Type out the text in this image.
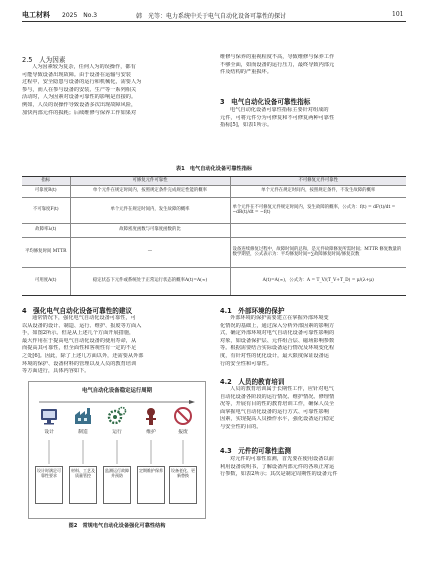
电工材料 2025　No.3	韩　光等：电力系统中关于电气自动化设备可靠性的探讨	101
2.5　人为因素
人为因素较为复杂，任何人为的误操作，都有
可能导致设备出现故障。由于设备在运输与安装
过程中，安全隐患与设备的运行和机械化，需要人为
参与，而人在参与设备的安装、生产等一系列相关
活动时，人为因素对设备可靠性的影响是直接的。
例如，人员的误操作导致设备多次出现故障风险，
加快内部元件的损耗；后续维修与保养工作如果对
维修与保养的重视程度不高，导致维修与保养工作
不够全面，如而设备的运行压力，最终导致内部元
件及结构的严重损坏。
3　电气自动化设备可靠性指标
电气自动化设备可靠性指标主要针对组成的
元件，可将元件分为可修复和不可修复两种可靠性
指标[5]，如表1所示。
表1　电气自动化设备可靠性指标
指标	可修复元件可靠性	不可修复元件可靠性
可靠度R(t)	单个元件在规定时间内，按照规定条件完成规定性能的概率	单个元件在规定时间内，按照规定条件，不发生故障的概率
不可靠度F(t)	单个元件在规定时间内，发生故障的概率	单个元件在不可修复元件规定时间内，发生故障的概率，公式为：f(t) = dF(t)/dt = −dR(t)/dt = −f(t)
故障率λ(t)	故障密度函数与可靠度函数的比	
平均修复时间 MTTR	—	设备连续修复过程中，故障时间的总和，是元件故障修复所需时间；MTTR 修复数量的数学期望，公式表示为：平均修复时间=∑故障修复时间/修复次数
可用度A(t)	稳定状态下元件或系统处于正常运行状态的概率A(t)=A(∞)	A(t)=A(∞)，公式为：A = T_V/(T_V+T_D) = μ/(λ+μ)
4　强化电气自动化设备可靠性的建议
通常情况下，强化电气自动化设备可靠性，可
以从设备的设计、制造、运行、维护、报废等方面入
手，如图2所示。但是从上述几个方面开展措施，
最大作用在于提高电气自动化设备的使用寿命，从
而提高其可靠性，但全面性和客观性有一定的不足
之处[6]。因此，除了上述几方面以外，还需要从外部
环境的保护、设备材料的管理以及人员的教育培训
等方面进行，具体内容如下。
电气自动化设备稳定运行周期
设计	制造	运行	维护	报废
设计时满足可靠性要求
材料、工艺及质量管控
监测运行故障并预防
定期维护保养	设备老化、更新替换
图2　常规电气自动化设备强化可靠性结构
4.1　外部环境的保护
外部环境的保护需要建立在掌握外部环境变
化情况的基础上，通过深入分析外部因素的影响方
式，确定外部环境对电气自动化设备可靠性影响的
对象，如设备保护层、元件组合层、磁场影响参数
等。根据需要结合实际设备运行情况及环境变化程
度，有针对性的优化设计，最大限度保证设备运
行的安全性和可靠性。
4.2　人员的教育培训
人员的教育培训属于长期性工作，应针对电气
自动化设备各阶段的运行情况、维护情况、修理情
况等，开展有目的性的教育培训工作，确保人员全
面掌握电气自动化设备的运行方式、可靠性影响
因素，实现提高人员操作水平，强化设备运行稳定
与安全性的目的。
4.3　元件的可靠性监测
对元件的可靠性监测，首先要在使用设备以前
利用设备说明书，了解设备内部元件的各项正常运
行参数，如表2所示；其次是制定周期性的设备元件
